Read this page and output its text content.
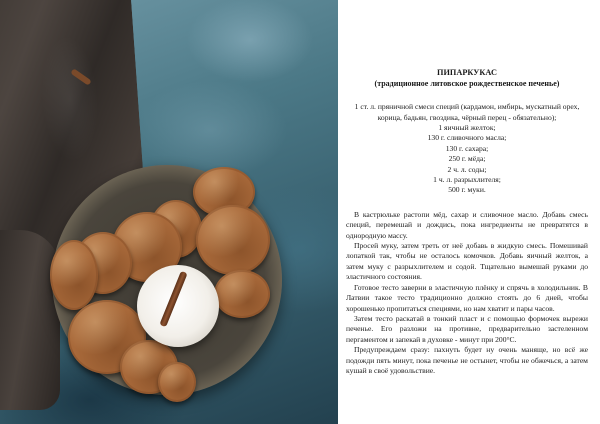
ПИПАРКУКАС
(традиционное литовское рождественское печенье)
1 ст. л. пряничной смеси специй (кардамон, имбирь, мускатный орех, корица, бадьян, гвоздика, чёрный перец - обязательно);
1 яичный желток;
130 г. сливочного масла;
130 г. сахара;
250 г. мёда;
2 ч. л. соды;
1 ч. л. разрыхлителя;
500 г. муки.

В кастрюльке растопи мёд, сахар и сливочное масло. Добавь смесь специй, перемешай и дождись, пока ингредиенты не превратятся в однородную массу.

Просей муку, затем треть от неё добавь в жидкую смесь. Помешивай лопаткой так, чтобы не осталось комочков. Добавь яичный желток, а затем муку с разрыхлителем и содой. Тщательно вымешай руками до эластичного состояния.

Готовое тесто заверни в эластичную плёнку и спрячь в холодильник. В Латвии такое тесто традиционно должно стоять до 6 дней, чтобы хорошенько пропитаться специями, но нам хватит и пары часов.

Затем тесто раскатай в тонкий пласт и с помощью формочек вырежи печенье. Его разложи на противне, предварительно застеленном пергаментом и запекай в духовке - минут при 200°C.

Предупреждаем сразу: пахнуть будет ну очень маняще, но всё же подожди пять минут, пока печенье не остынет, чтобы не обжечься, а затем кушай в своё удовольствие.
